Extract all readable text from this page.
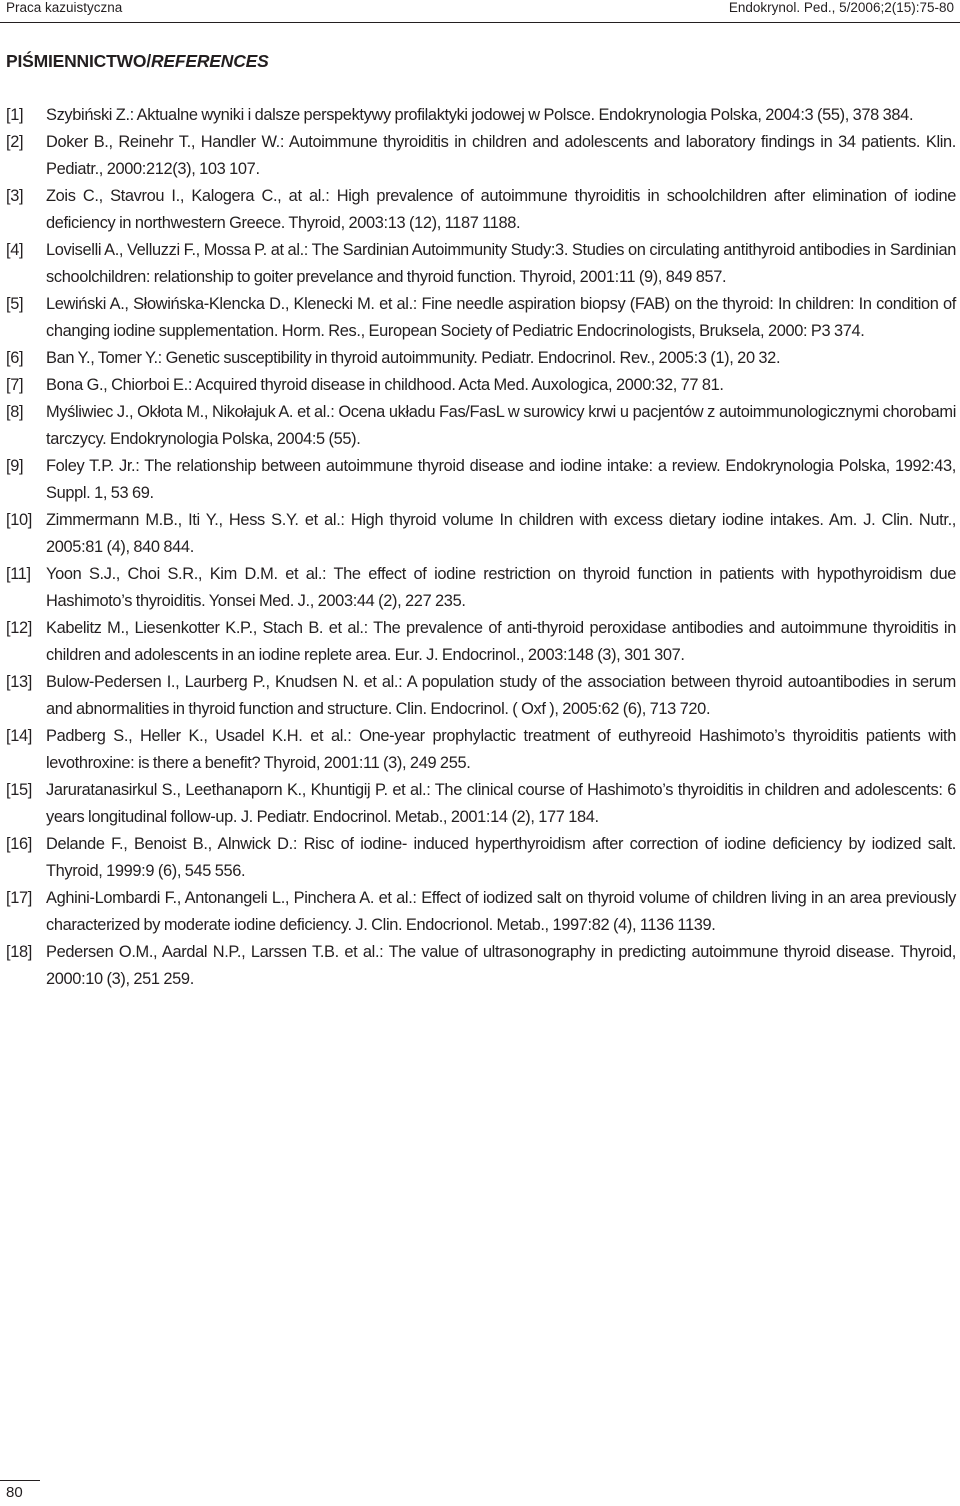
Praca kazuistyczna	Endokrynol. Ped., 5/2006;2(15):75-80
PIŚMIENNICTWO/REFERENCES
[1]	Szybiński Z.: Aktualne wyniki i dalsze perspektywy profilaktyki jodowej w Polsce. Endokrynologia Polska, 2004:3 (55), 378 384.
[2]	Doker B., Reinehr T., Handler W.: Autoimmune thyroiditis in children and adolescents and laboratory findings in 34 patients. Klin. Pediatr., 2000:212(3), 103 107.
[3]	Zois C., Stavrou I., Kalogera C., at al.: High prevalence of autoimmune thyroiditis in schoolchildren after elimination of iodine deficiency in northwestern Greece. Thyroid, 2003:13 (12), 1187 1188.
[4]	Loviselli A., Velluzzi F., Mossa P. at al.: The Sardinian Autoimmunity Study:3. Studies on circulating antithyroid antibodies in Sardinian schoolchildren: relationship to goiter prevelance and thyroid function. Thyroid, 2001:11 (9), 849 857.
[5]	Lewiński A., Słowińska-Klencka D., Klenecki M. et al.: Fine needle aspiration biopsy (FAB) on the thyroid: In children: In condition of changing iodine supplementation. Horm. Res., European Society of Pediatric Endocrinologists, Bruksela, 2000: P3 374.
[6]	Ban Y., Tomer Y.: Genetic susceptibility in thyroid autoimmunity. Pediatr. Endocrinol. Rev., 2005:3 (1), 20 32.
[7]	Bona G., Chiorboi E.: Acquired thyroid disease in childhood. Acta Med. Auxologica, 2000:32, 77 81.
[8]	Myśliwiec J., Okłota M., Nikołajuk A. et al.: Ocena układu Fas/FasL w surowicy krwi u pacjentów z autoimmunologicznymi chorobami tarczycy. Endokrynologia Polska, 2004:5 (55).
[9]	Foley T.P. Jr.: The relationship between autoimmune thyroid disease and iodine intake: a review. Endokrynologia Polska, 1992:43, Suppl. 1, 53 69.
[10] Zimmermann M.B., Iti Y., Hess S.Y. et al.: High thyroid volume In children with excess dietary iodine intakes. Am. J. Clin. Nutr., 2005:81 (4), 840 844.
[11] Yoon S.J., Choi S.R., Kim D.M. et al.: The effect of iodine restriction on thyroid function in patients with hypothyroidism due Hashimoto’s thyroiditis. Yonsei Med. J., 2003:44 (2), 227 235.
[12] Kabelitz M., Liesenkotter K.P., Stach B. et al.: The prevalence of anti-thyroid peroxidase antibodies and autoimmune thyroiditis in children and adolescents in an iodine replete area. Eur. J. Endocrinol., 2003:148 (3), 301 307.
[13] Bulow-Pedersen I., Laurberg P., Knudsen N. et al.: A population study of the association between thyroid autoantibodies in serum and abnormalities in thyroid function and structure. Clin. Endocrinol. ( Oxf ), 2005:62 (6), 713 720.
[14] Padberg S., Heller K., Usadel K.H. et al.: One-year prophylactic treatment of euthyreoid Hashimoto’s thyroiditis patients with levothroxine: is there a benefit? Thyroid, 2001:11 (3), 249 255.
[15] Jaruratanasirkul S., Leethanaporn K., Khuntigij P. et al.: The clinical course of Hashimoto’s thyroiditis in children and adolescents: 6 years longitudinal follow-up. J. Pediatr. Endocrinol. Metab., 2001:14 (2), 177 184.
[16] Delande F., Benoist B., Alnwick D.: Risc of iodine- induced hyperthyroidism after correction of iodine deficiency by iodized salt. Thyroid, 1999:9 (6), 545 556.
[17] Aghini-Lombardi F., Antonangeli L., Pinchera A. et al.: Effect of iodized salt on thyroid volume of children living in an area previously characterized by moderate iodine deficiency. J. Clin. Endocrionol. Metab., 1997:82 (4), 1136 1139.
[18] Pedersen O.M., Aardal N.P., Larssen T.B. et al.: The value of ultrasonography in predicting autoimmune thyroid disease. Thyroid, 2000:10 (3), 251 259.
80
